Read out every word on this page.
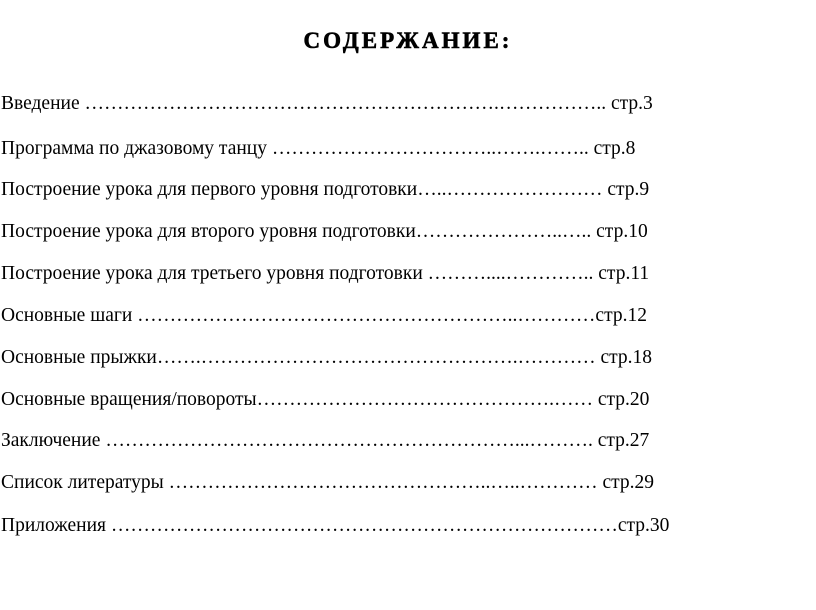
СОДЕРЖАНИЕ:
Введение ……………………………………………………….…………….. стр.3
Программа по джазовому танцу ……………………………..…….…….. стр.8
Построение урока для первого уровня подготовки…..…………………… стр.9
Построение урока для второго уровня подготовки…………………..….. стр.10
Построение урока для третьего уровня подготовки ………....………….. стр.11
Основные шаги …………………………………………………..…………стр.12
Основные прыжки…….………………………………………….………… стр.18
Основные вращения/повороты……………………………………….…… стр.20
Заключение ………………………………………………………...………. стр.27
Список литературы …………………………………………..…..………… стр.29
Приложения ……………………………………………………………………стр.30
